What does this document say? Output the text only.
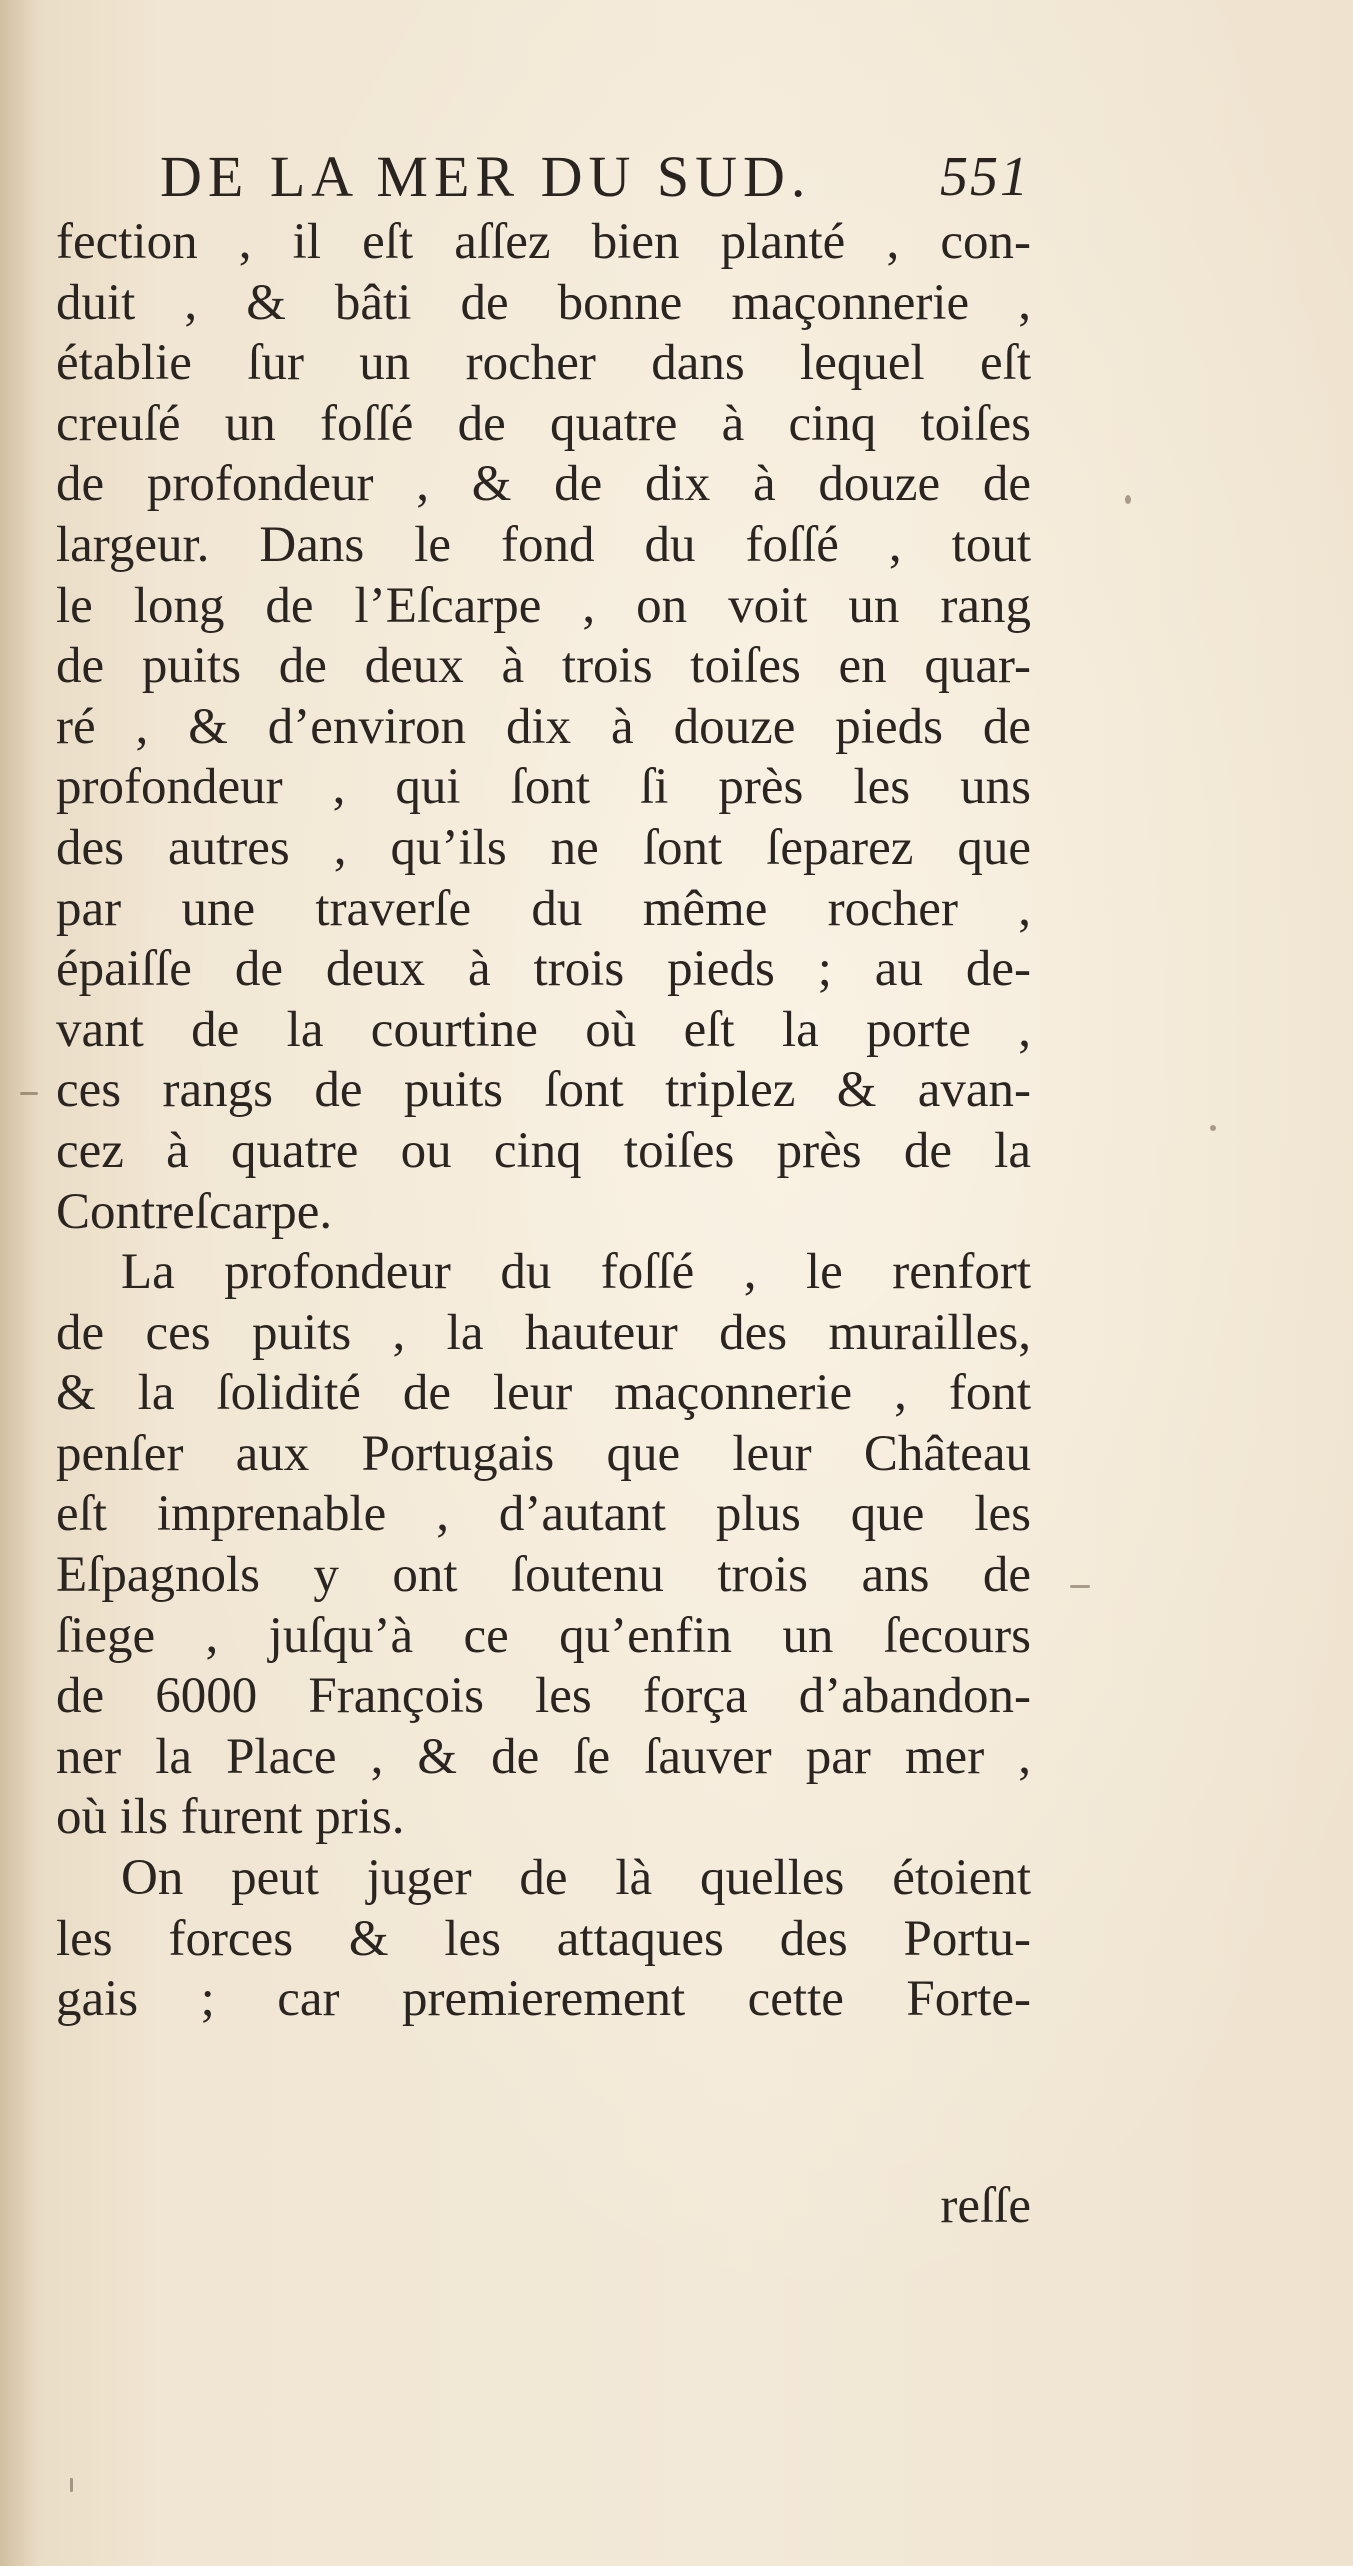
DE LA MER DU SUD. 551
fection , il eſt aſſez bien planté , con-
duit , & bâti de bonne maçonnerie ,
établie ſur un rocher dans lequel eſt
creuſé un foſſé de quatre à cinq toiſes
de profondeur , & de dix à douze de
largeur. Dans le fond du foſſé , tout
le long de l’Eſcarpe , on voit un rang
de puits de deux à trois toiſes en quar-
ré , & d’environ dix à douze pieds de
profondeur , qui ſont ſi près les uns
des autres , qu’ils ne ſont ſeparez que
par une traverſe du même rocher ,
épaiſſe de deux à trois pieds ; au de-
vant de la courtine où eſt la porte ,
ces rangs de puits ſont triplez & avan-
cez à quatre ou cinq toiſes près de la
Contreſcarpe.
La profondeur du foſſé , le renfort
de ces puits , la hauteur des murailles,
& la ſolidité de leur maçonnerie , font
penſer aux Portugais que leur Château
eſt imprenable , d’autant plus que les
Eſpagnols y ont ſoutenu trois ans de
ſiege , juſqu’à ce qu’enfin un ſecours
de 6000 François les força d’abandon-
ner la Place , & de ſe ſauver par mer ,
où ils furent pris.
On peut juger de là quelles étoient
les forces & les attaques des Portu-
gais ; car premierement cette Forte-
reſſe
